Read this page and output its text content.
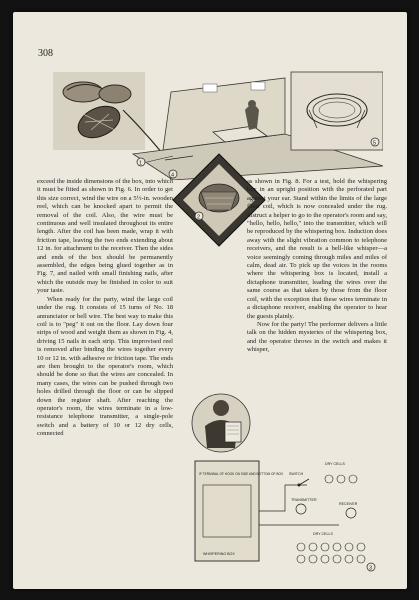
308
4
5
2
1
exceed the inside dimensions of the box, into which it must be fitted as shown in Fig. 6. In order to get this size correct, wind the wire on a 5½-in. wooden reel, which can be knocked apart to permit the removal of the coil. Also, the wire must be continuous and well insulated throughout its entire length. After the coil has been made, wrap it with friction tape, leaving the two ends extending about 12 in. for attachment to the receiver. Then the sides and ends of the box should be permanently assembled, the edges being glued together as in Fig. 7, and nailed with small finishing nails, after which the outside may be finished in color to suit your taste.
When ready for the party, wind the large coil under the rug. It consists of 15 turns of No. 18 annunciator or bell wire. The best way to make this coil is to "peg" it out on the floor. Lay down four strips of wood and weight them as shown in Fig. 4, driving 15 nails in each strip. This improvised reel is removed after binding the wires together every 10 or 12 in. with adhesive or friction tape. The ends are then brought to the operator's room, which should be done so that the wires are concealed. In many cases, the wires can be pushed through two holes drilled through the floor or can be slipped down the register shaft. After reaching the operator's room, the wires terminate in a low-resistance telephone transmitter, a single-pole switch and a battery of 10 or 12 dry cells, connected
as shown in Fig. 8. For a test, hold the whispering box in an upright position with the perforated part against your ear. Stand within the limits of the large floor coil, which is now concealed under the rug. Instruct a helper to go to the operator's room and say, "hello, hello, hello," into the transmitter, which will be reproduced by the whispering box. Induction does away with the slight vibration common to telephone receivers, and the result is a bell-like whisper—a voice seemingly coming through miles and miles of calm, dead air. To pick up the voices in the rooms where the whispering box is located, install a dictaphone transmitter, leading the wires over the same course as that taken by those from the floor coil, with the exception that these wires terminate in a dictaphone receiver, enabling the operator to hear the guests plainly.
Now for the party! The performer delivers a little talk on the hidden mysteries of the whispering box, and the operator throws in the switch and makes it whisper,
IF TERMINAL OF HOOK ON SIDE AND BOTTOM OF BOX
WHISPERING BOX
SWITCH
DRY CELLS
TRANSMITTER
RECEIVER
DRY CELLS
3
